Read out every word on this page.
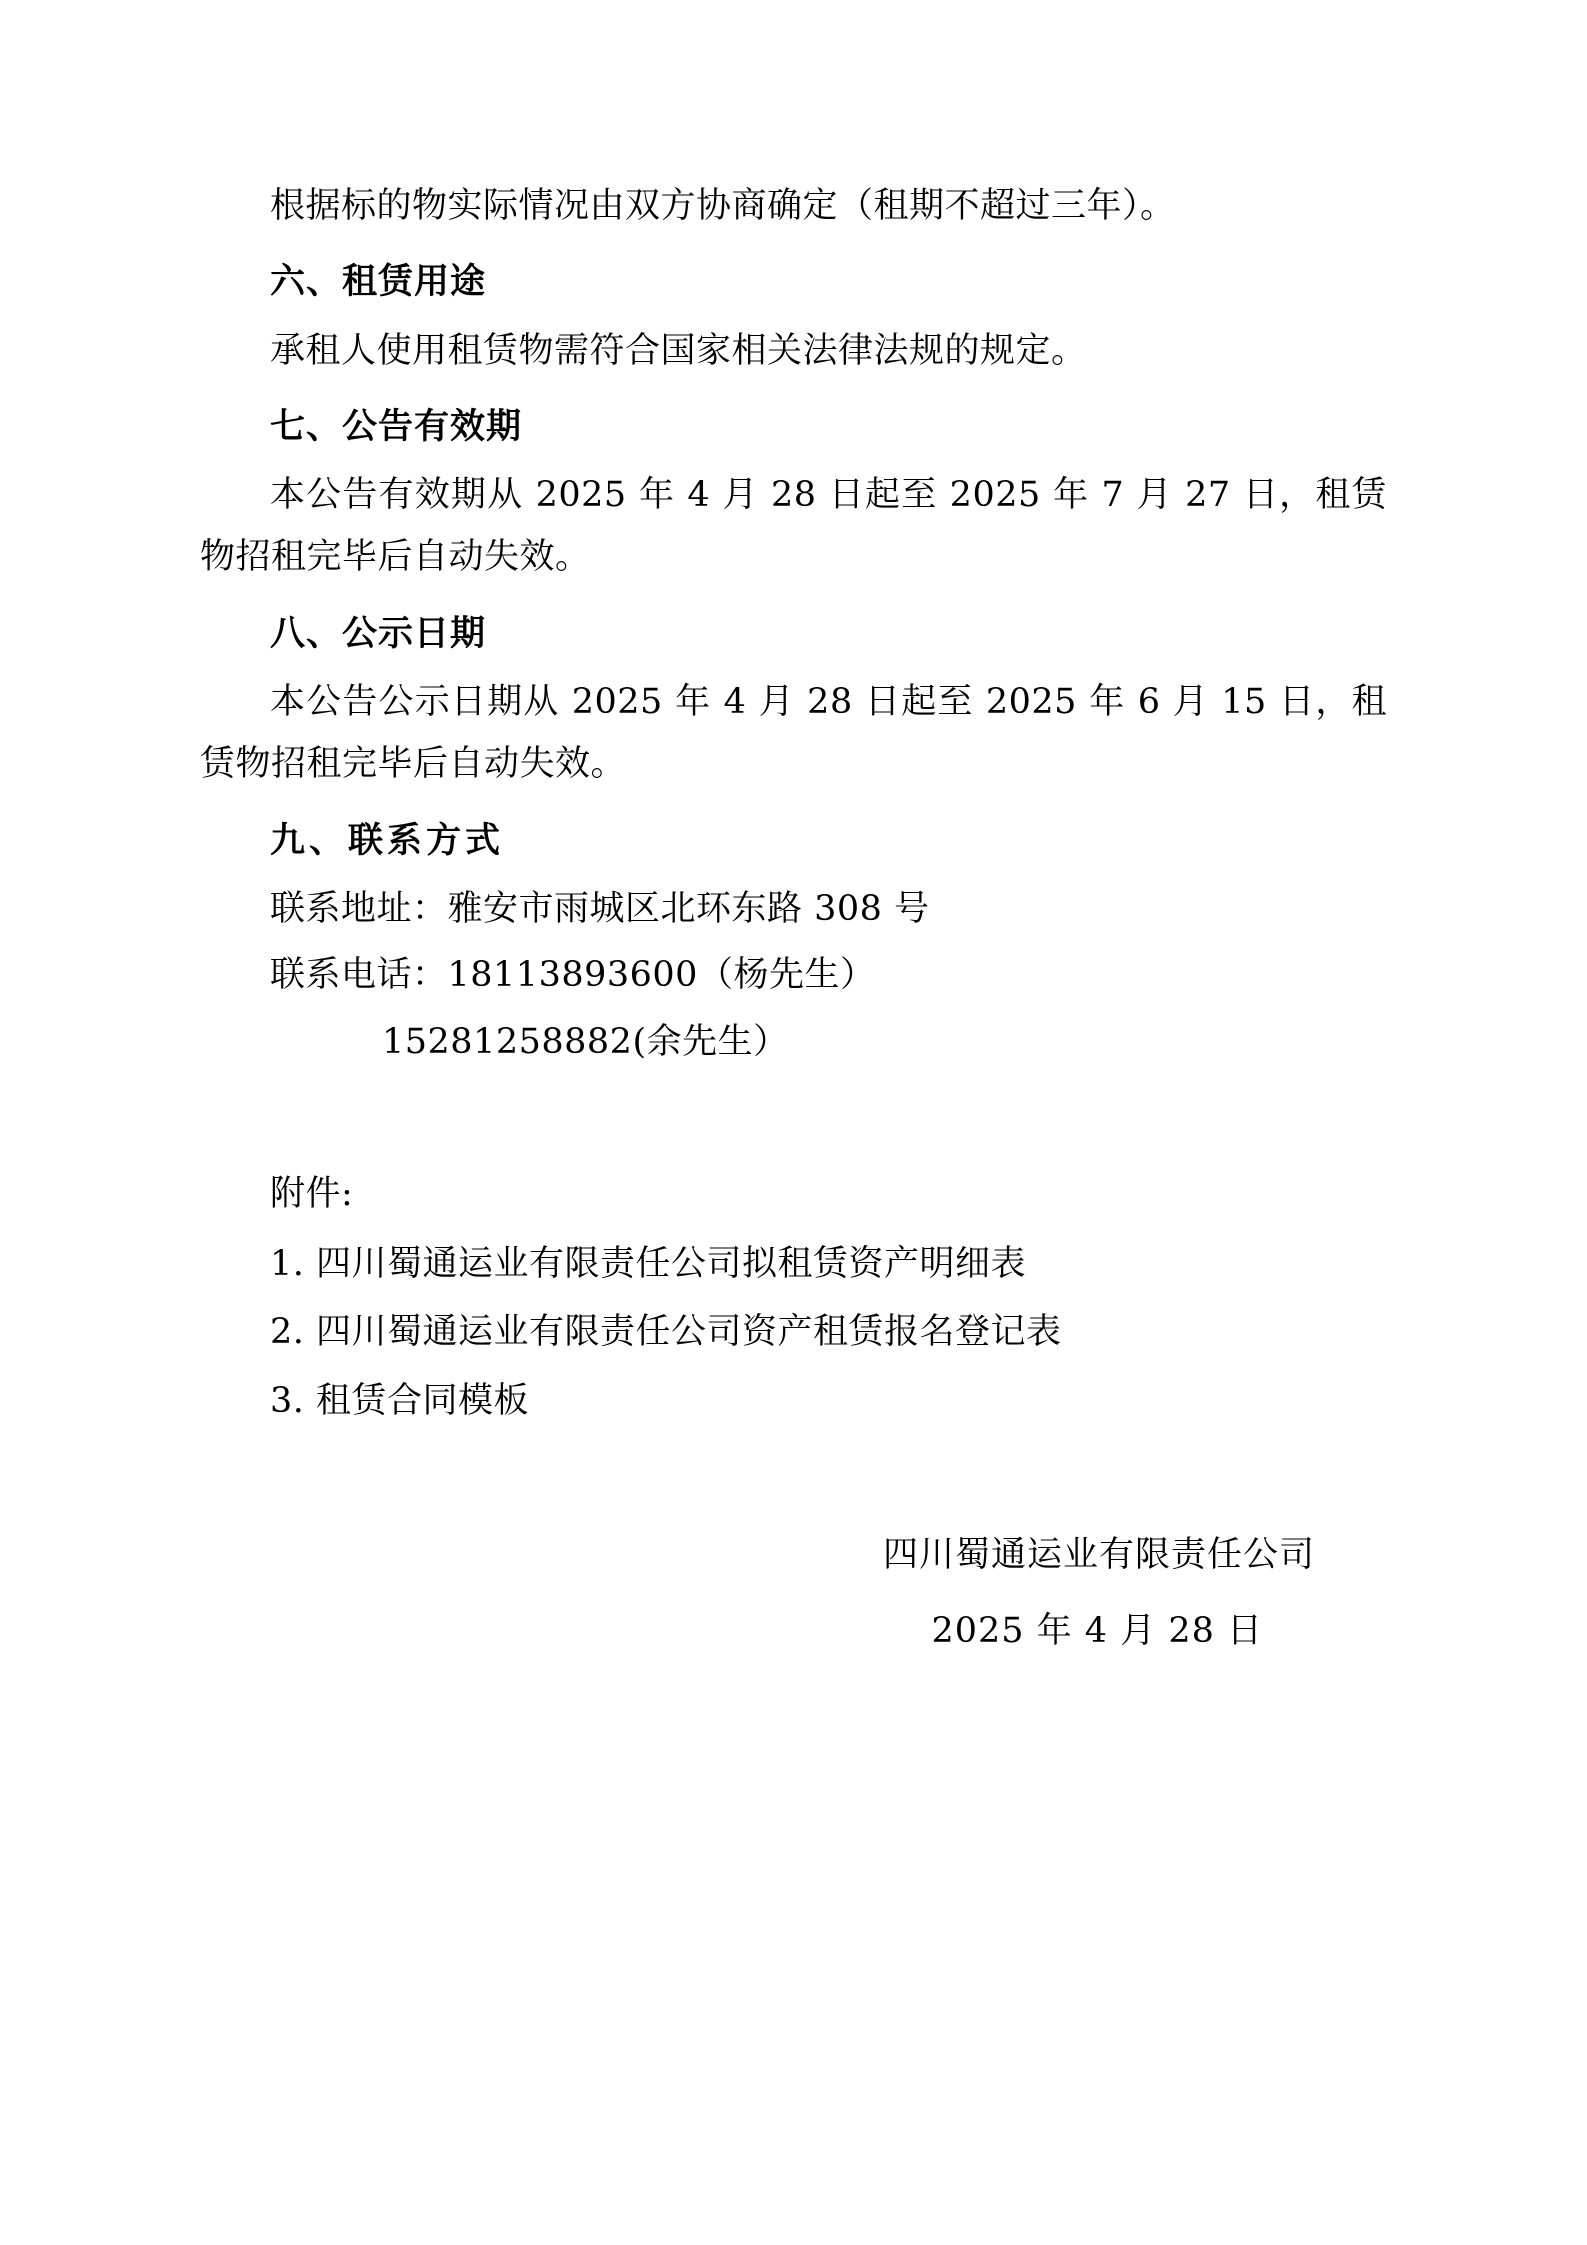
根据标的物实际情况由双方协商确定（租期不超过三年）。

六、租赁用途

承租人使用租赁物需符合国家相关法律法规的规定。

七、公告有效期

本公告有效期从 2025 年 4 月 28 日起至 2025 年 7 月 27 日，租赁物招租完毕后自动失效。

八、公示日期

本公告公示日期从 2025 年 4 月 28 日起至 2025 年 6 月 15 日，租赁物招租完毕后自动失效。

九、联系方式

联系地址：雅安市雨城区北环东路 308 号

联系电话：18113893600（杨先生）

15281258882(余先生）

附件:

1. 四川蜀通运业有限责任公司拟租赁资产明细表

2. 四川蜀通运业有限责任公司资产租赁报名登记表

3. 租赁合同模板

四川蜀通运业有限责任公司

2025 年 4 月 28 日
